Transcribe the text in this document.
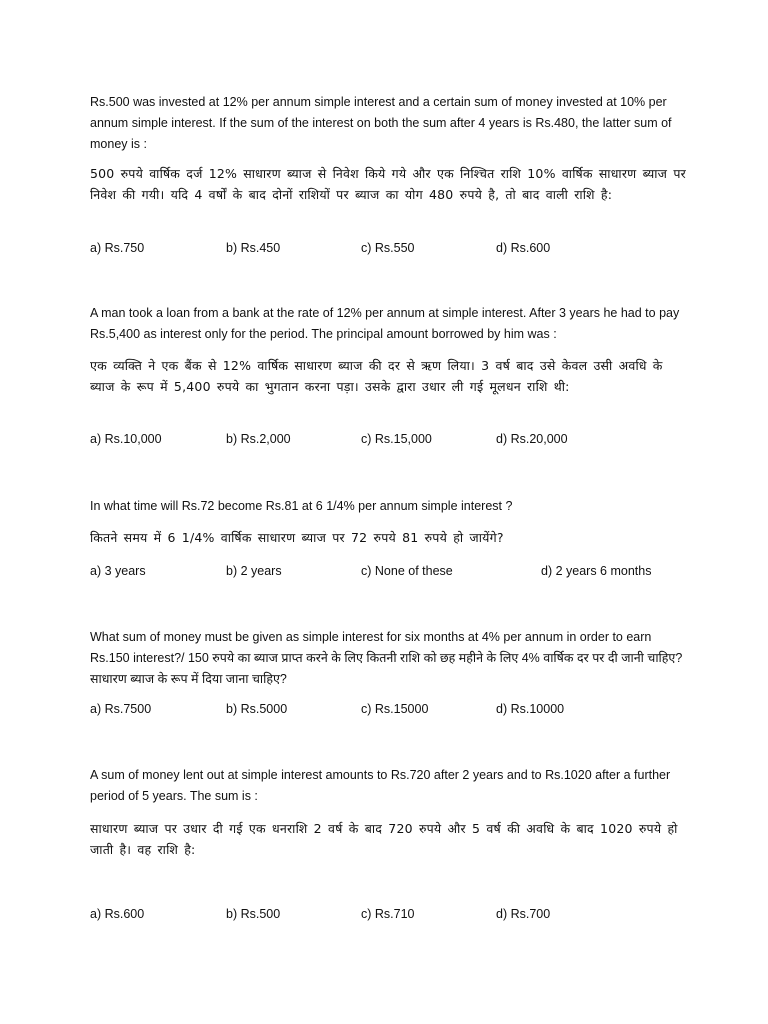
Rs.500 was invested at 12% per annum simple interest and a certain sum of money invested at 10% per annum simple interest. If the sum of the interest on both the sum after 4 years is Rs.480, the latter sum of money is :

500 रुपये वार्षिक दर्ज 12% साधारण ब्याज से निवेश किये गये और एक निश्चित राशि 10% वार्षिक साधारण ब्याज पर निवेश की गयी। यदि 4 वर्षों के बाद दोनों राशियों पर ब्याज का योग 480 रुपये है, तो बाद वाली राशि है:

a) Rs.750	b) Rs.450	c) Rs.550	d) Rs.600

A man took a loan from a bank at the rate of 12% per annum at simple interest. After 3 years he had to pay Rs.5,400 as interest only for the period. The principal amount borrowed by him was :

एक व्यक्ति ने एक बैंक से 12% वार्षिक साधारण ब्याज की दर से ऋण लिया। 3 वर्ष बाद उसे केवल उसी अवधि के ब्याज के रूप में 5,400 रुपये का भुगतान करना पड़ा। उसके द्वारा उधार ली गई मूलधन राशि थी:

a) Rs.10,000	b) Rs.2,000	c) Rs.15,000	d) Rs.20,000

In what time will Rs.72 become Rs.81 at 6 1/4% per annum simple interest ?

कितने समय में 6 1/4% वार्षिक साधारण ब्याज पर 72 रुपये 81 रुपये हो जायेंगे?

a) 3 years	b) 2 years	c) None of these	d) 2 years 6 months

What sum of money must be given as simple interest for six months at 4% per annum in order to earn Rs.150 interest?/ 150 रुपये का ब्याज प्राप्त करने के लिए कितनी राशि को छह महीने के लिए 4% वार्षिक दर पर दी जानी चाहिए? साधारण ब्याज के रूप में दिया जाना चाहिए?

a) Rs.7500	b) Rs.5000	c) Rs.15000	d) Rs.10000

A sum of money lent out at simple interest amounts to Rs.720 after 2 years and to Rs.1020 after a further period of 5 years. The sum is :

साधारण ब्याज पर उधार दी गई एक धनराशि 2 वर्ष के बाद 720 रुपये और 5 वर्ष की अवधि के बाद 1020 रुपये हो जाती है। वह राशि है:

a) Rs.600	b) Rs.500	c) Rs.710	d) Rs.700
